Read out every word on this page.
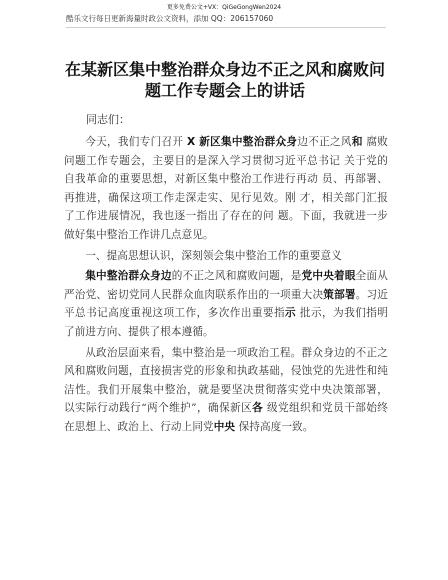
更多免费公文+VX：QiGeGongWen2024
酷乐文行每日更新海量时政公文资料，添加 QQ：206157060
在某新区集中整治群众身边不正之风和腐败问题工作专题会上的讲话
同志们：

今天，我们专门召开 X 新区集中整治群众身边不正之风和 腐败问题工作专题会，主要目的是深入学习贯彻习近平总书记 关于党的自我革命的重要思想，对新区集中整治工作进行再动 员、再部署、再推进，确保这项工作走深走实、见行见效。刚 才，相关部门汇报了工作进展情况，我也逐一指出了存在的问 题。下面，我就进一步做好集中整治工作讲几点意见。

一、提高思想认识，深刻领会集中整治工作的重要意义

集中整治群众身边的不正之风和腐败问题，是党中央着眼全面从严治党、密切党同人民群众血肉联系作出的一项重大决策部署。习近平总书记高度重视这项工作，多次作出重要指示 批示，为我们指明了前进方向、提供了根本遵循。

从政治层面来看，集中整治是一项政治工程。群众身边的不正之风和腐败问题，直接损害党的形象和执政基础，侵蚀党的先进性和纯洁性。我们开展集中整治，就是要坚决贯彻落实党中央决策部署， 以实际行动践行“两个维护”，确保新区各 级党组织和党员干部始终在思想上、政治上、行动上同党中央 保持高度一致。
